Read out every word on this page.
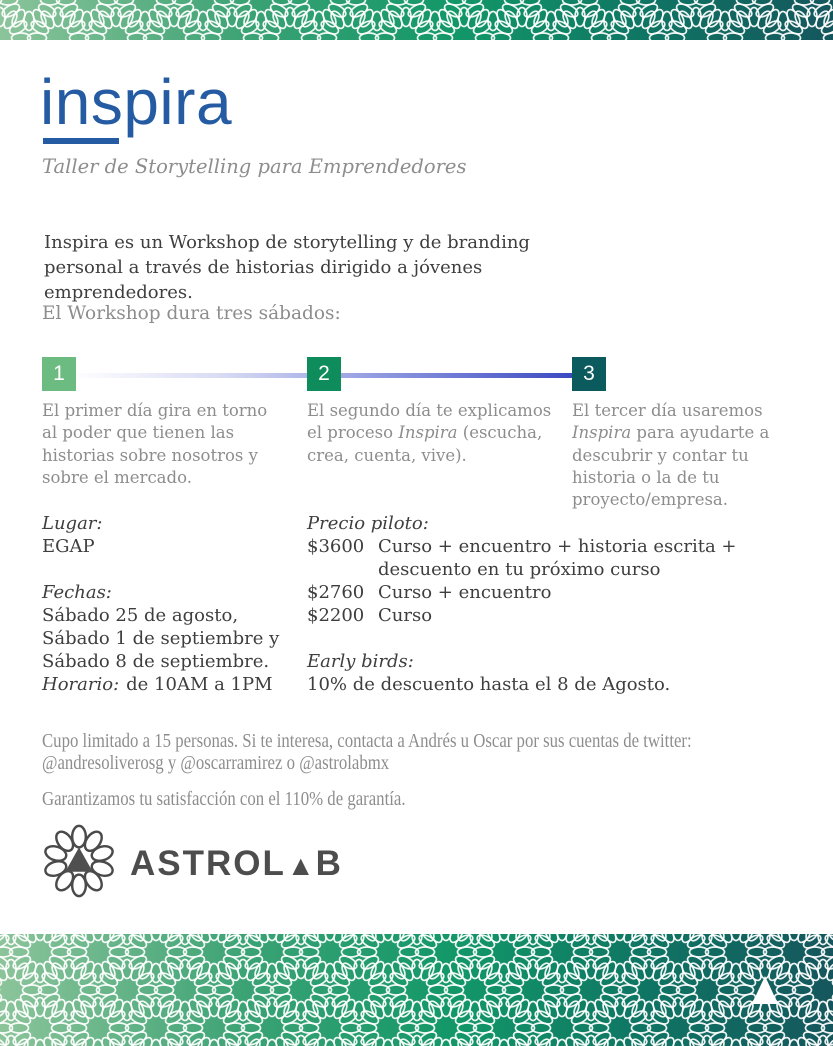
inspira
Taller de Storytelling para Emprendedores

Inspira es un Workshop de storytelling y de branding personal a través de historias dirigido a jóvenes emprendedores.

El Workshop dura tres sábados:

1	2	3
El primer día gira en torno al poder que tienen las historias sobre nosotros y sobre el mercado.
El segundo día te explicamos el proceso Inspira (escucha, crea, cuenta, vive).
El tercer día usaremos Inspira para ayudarte a descubrir y contar tu historia o la de tu proyecto/empresa.
Lugar:
EGAP
Fechas:
Sábado 25 de agosto,
Sábado 1 de septiembre y
Sábado 8 de septiembre.
Horario: de 10AM a 1PM
Precio piloto:
$3600 Curso + encuentro + historia escrita +
descuento en tu próximo curso
$2760 Curso + encuentro
$2200 Curso
Early birds:
10% de descuento hasta el 8 de Agosto.
Cupo limitado a 15 personas. Si te interesa, contacta a Andrés u Oscar por sus cuentas de twitter:
@andresoliverosg y @oscarramirez o @astrolabmx
Garantizamos tu satisfacción con el 110% de garantía.
ASTROL▲B
